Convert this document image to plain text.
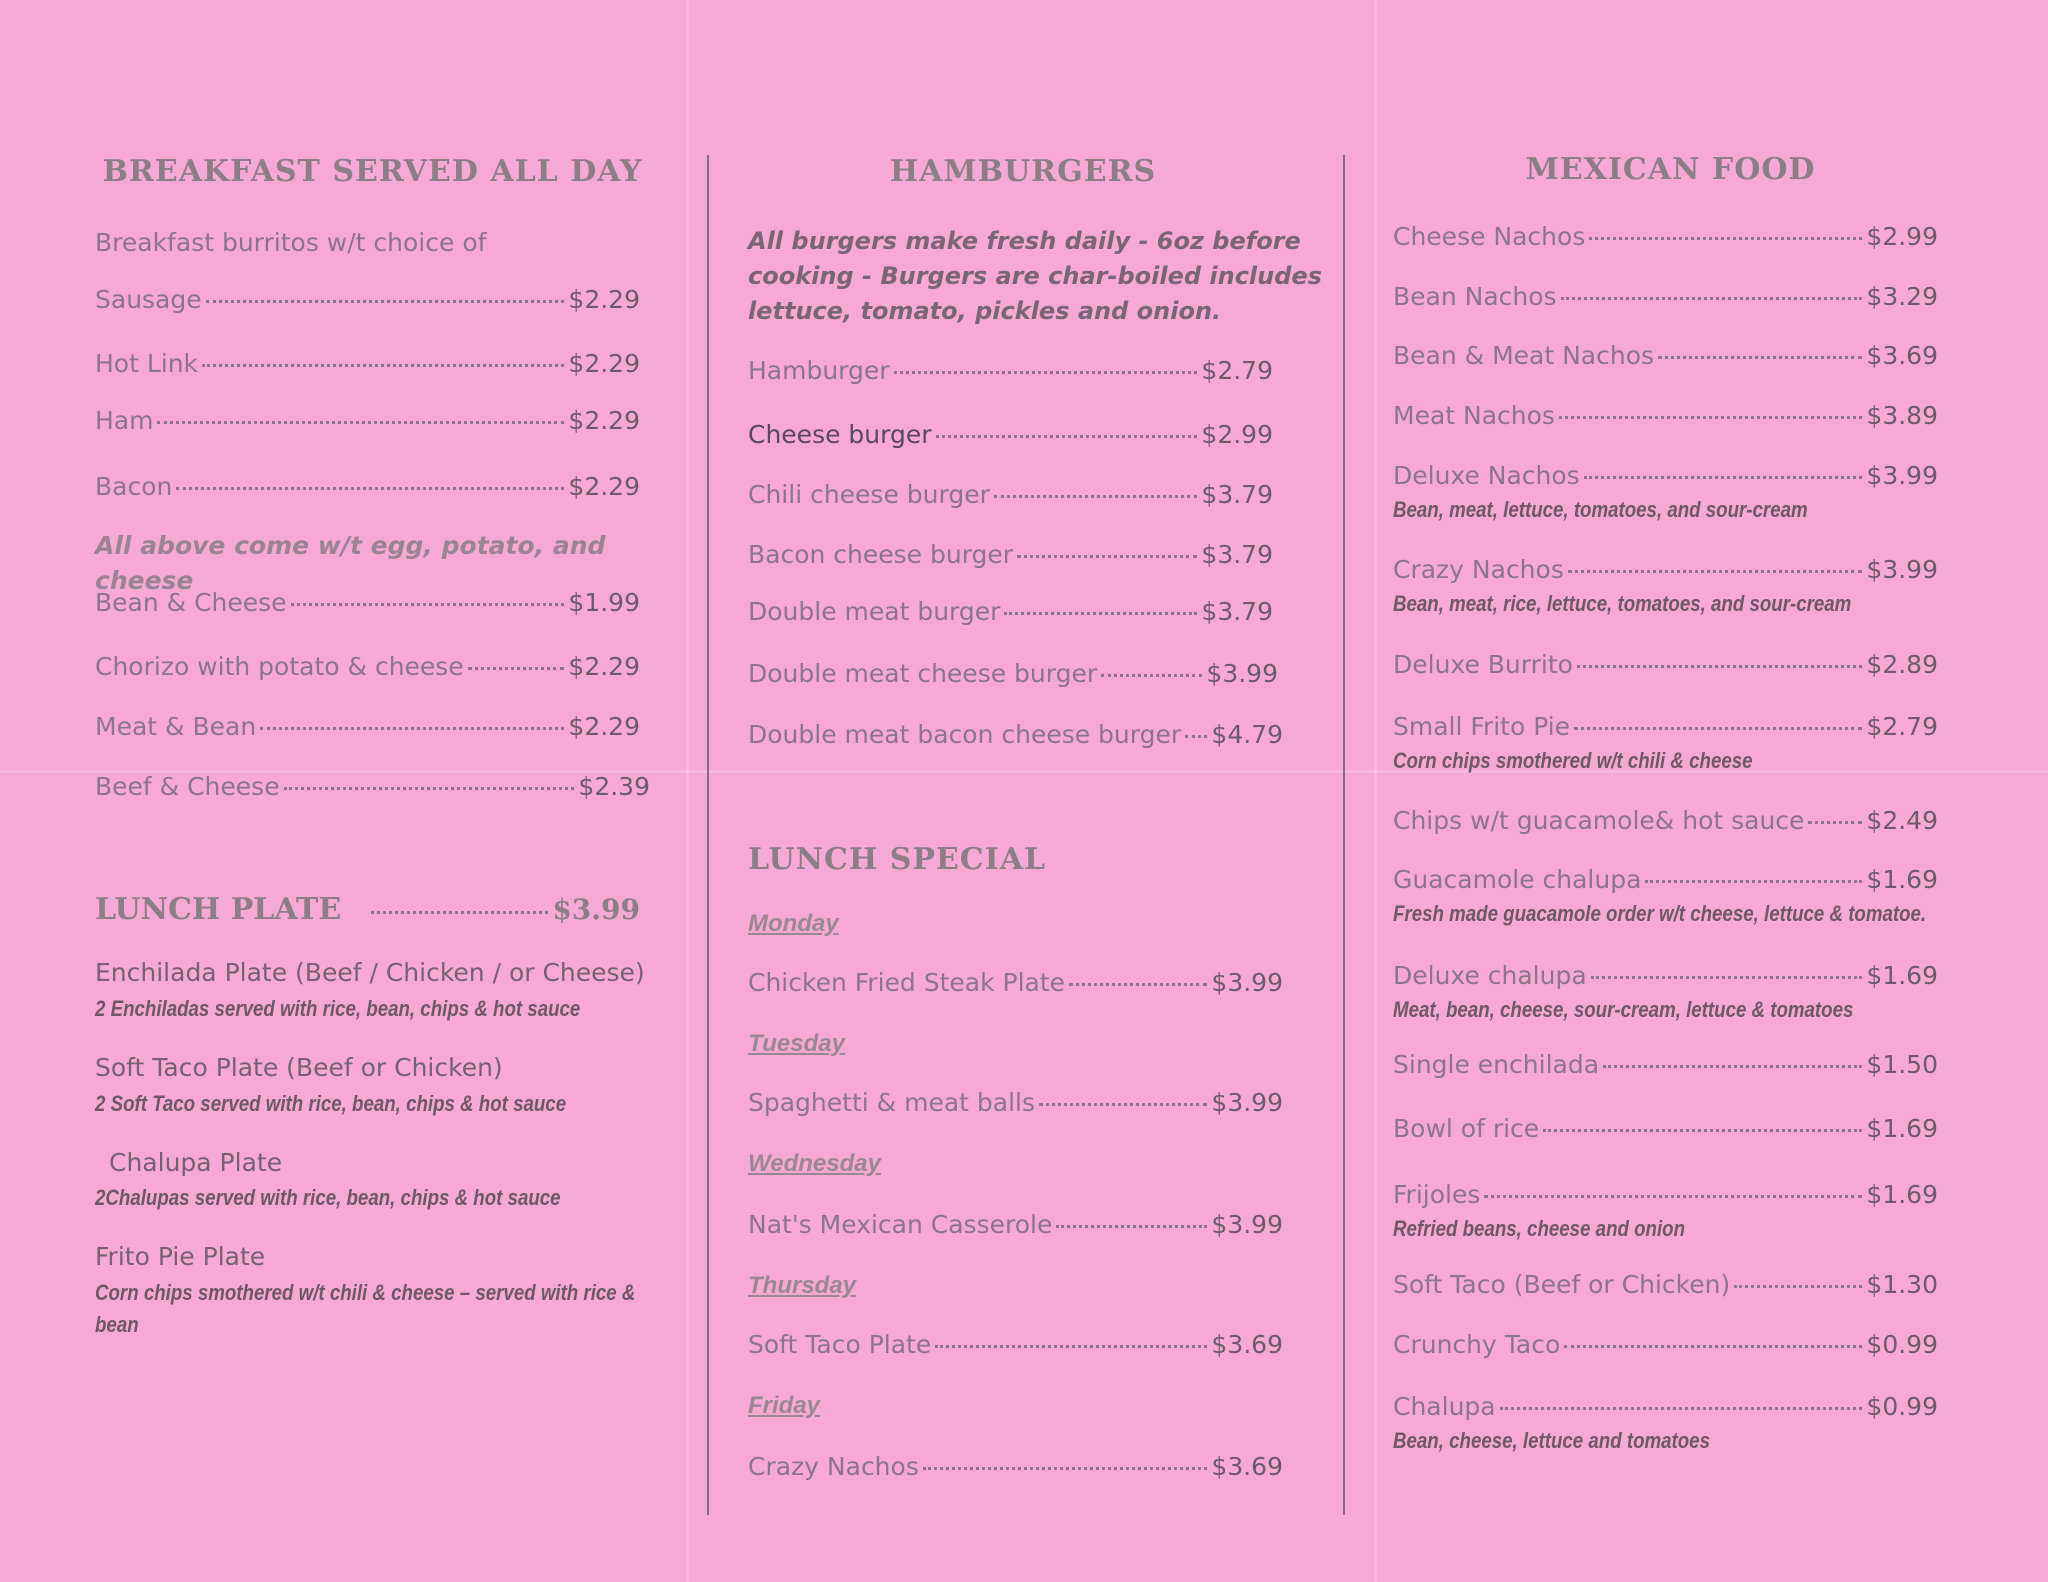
BREAKFAST SERVED ALL DAY
Breakfast burritos w/t choice of
Sausage	$2.29
Hot Link	$2.29
Ham	$2.29
Bacon	$2.29
All above come w/t egg, potato, and cheese
Bean & Cheese	$1.99
Chorizo with potato & cheese	$2.29
Meat & Bean	$2.29
Beef & Cheese	$2.39
LUNCH PLATE	$3.99
Enchilada Plate (Beef / Chicken / or Cheese)
2 Enchiladas served with rice, bean, chips & hot sauce
Soft Taco Plate (Beef or Chicken)
2 Soft Taco served with rice, bean, chips & hot sauce
Chalupa Plate
2Chalupas served with rice, bean, chips & hot sauce
Frito Pie Plate
Corn chips smothered w/t chili & cheese – served with rice &
bean
HAMBURGERS
All burgers make fresh daily - 6oz before
cooking - Burgers are char-boiled includes
lettuce, tomato, pickles and onion.
Hamburger	$2.79
Cheese burger	$2.99
Chili cheese burger	$3.79
Bacon cheese burger	$3.79
Double meat burger	$3.79
Double meat cheese burger	$3.99
Double meat bacon cheese burger $4.79
LUNCH SPECIAL
Monday
Chicken Fried Steak Plate	$3.99
Tuesday
Spaghetti & meat balls	$3.99
Wednesday
Nat's Mexican Casserole	$3.99
Thursday
Soft Taco Plate	$3.69
Friday
Crazy Nachos	$3.69
MEXICAN FOOD
Cheese Nachos	$2.99
Bean Nachos	$3.29
Bean & Meat Nachos	$3.69
Meat Nachos	$3.89
Deluxe Nachos	$3.99
Bean, meat, lettuce, tomatoes, and sour-cream
Crazy Nachos	$3.99
Bean, meat, rice, lettuce, tomatoes, and sour-cream
Deluxe Burrito	$2.89
Small Frito Pie	$2.79
Corn chips smothered w/t chili & cheese
Chips w/t guacamole& hot sauce $2.49
Guacamole chalupa	$1.69
Fresh made guacamole order w/t cheese, lettuce & tomatoe.
Deluxe chalupa	$1.69
Meat, bean, cheese, sour-cream, lettuce & tomatoes
Single enchilada	$1.50
Bowl of rice	$1.69
Frijoles	$1.69
Refried beans, cheese and onion
Soft Taco (Beef or Chicken)	$1.30
Crunchy Taco	$0.99
Chalupa	$0.99
Bean, cheese, lettuce and tomatoes
